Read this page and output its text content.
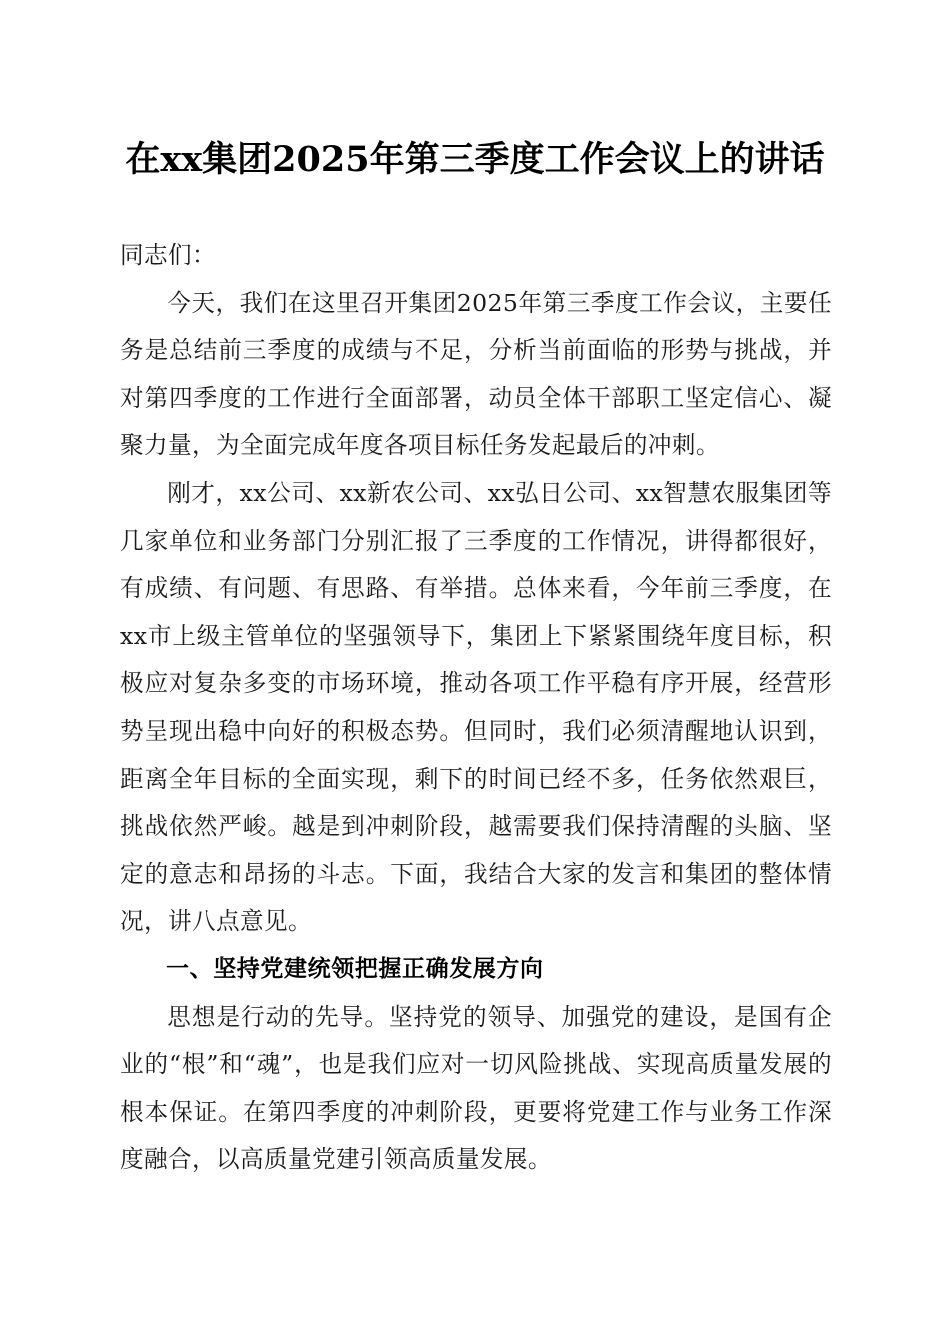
在xx集团2025年第三季度工作会议上的讲话

同志们：

今天，我们在这里召开集团2025年第三季度工作会议，主要任务是总结前三季度的成绩与不足，分析当前面临的形势与挑战，并对第四季度的工作进行全面部署，动员全体干部职工坚定信心、凝聚力量，为全面完成年度各项目标任务发起最后的冲刺。

刚才，xx公司、xx新农公司、xx弘日公司、xx智慧农服集团等几家单位和业务部门分别汇报了三季度的工作情况，讲得都很好，有成绩、有问题、有思路、有举措。总体来看，今年前三季度，在xx市上级主管单位的坚强领导下，集团上下紧紧围绕年度目标，积极应对复杂多变的市场环境，推动各项工作平稳有序开展，经营形势呈现出稳中向好的积极态势。但同时，我们必须清醒地认识到，距离全年目标的全面实现，剩下的时间已经不多，任务依然艰巨，挑战依然严峻。越是到冲刺阶段，越需要我们保持清醒的头脑、坚定的意志和昂扬的斗志。下面，我结合大家的发言和集团的整体情况，讲八点意见。

一、坚持党建统领把握正确发展方向

思想是行动的先导。坚持党的领导、加强党的建设，是国有企业的“根”和“魂”，也是我们应对一切风险挑战、实现高质量发展的根本保证。在第四季度的冲刺阶段，更要将党建工作与业务工作深度融合，以高质量党建引领高质量发展。
